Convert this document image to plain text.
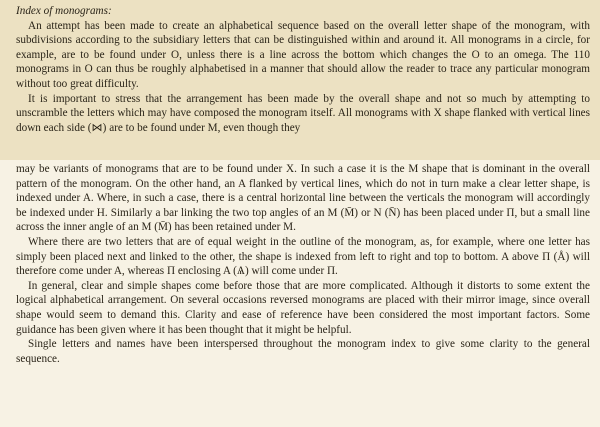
Index of monograms:

An attempt has been made to create an alphabetical sequence based on the overall letter shape of the monogram, with subdivisions according to the subsidiary letters that can be distinguished within and around it. All monograms in a circle, for example, are to be found under O, unless there is a line across the bottom which changes the O to an omega. The 110 monograms in O can thus be roughly alphabetised in a manner that should allow the reader to trace any particular monogram without too great difficulty.

It is important to stress that the arrangement has been made by the overall shape and not so much by attempting to unscramble the letters which may have composed the monogram itself. All monograms with X shape flanked with vertical lines down each side (⋈) are to be found under M, even though they

may be variants of monograms that are to be found under X. In such a case it is the M shape that is dominant in the overall pattern of the monogram. On the other hand, an A flanked by vertical lines, which do not in turn make a clear letter shape, is indexed under A. Where, in such a case, there is a central horizontal line between the verticals the monogram will accordingly be indexed under H. Similarly a bar linking the two top angles of an M (M̄) or N (N̄) has been placed under Π, but a small line across the inner angle of an M (M̄) has been retained under M.

Where there are two letters that are of equal weight in the outline of the monogram, as, for example, where one letter has simply been placed next and linked to the other, the shape is indexed from left to right and top to bottom. A above Π (Å) will therefore come under A, whereas Π enclosing A (Ѧ) will come under Π.

In general, clear and simple shapes come before those that are more complicated. Although it distorts to some extent the logical alphabetical arrangement. On several occasions reversed monograms are placed with their mirror image, since overall shape would seem to demand this. Clarity and ease of reference have been considered the most important factors. Some guidance has been given where it has been thought that it might be helpful.

Single letters and names have been interspersed throughout the monogram index to give some clarity to the general sequence.
